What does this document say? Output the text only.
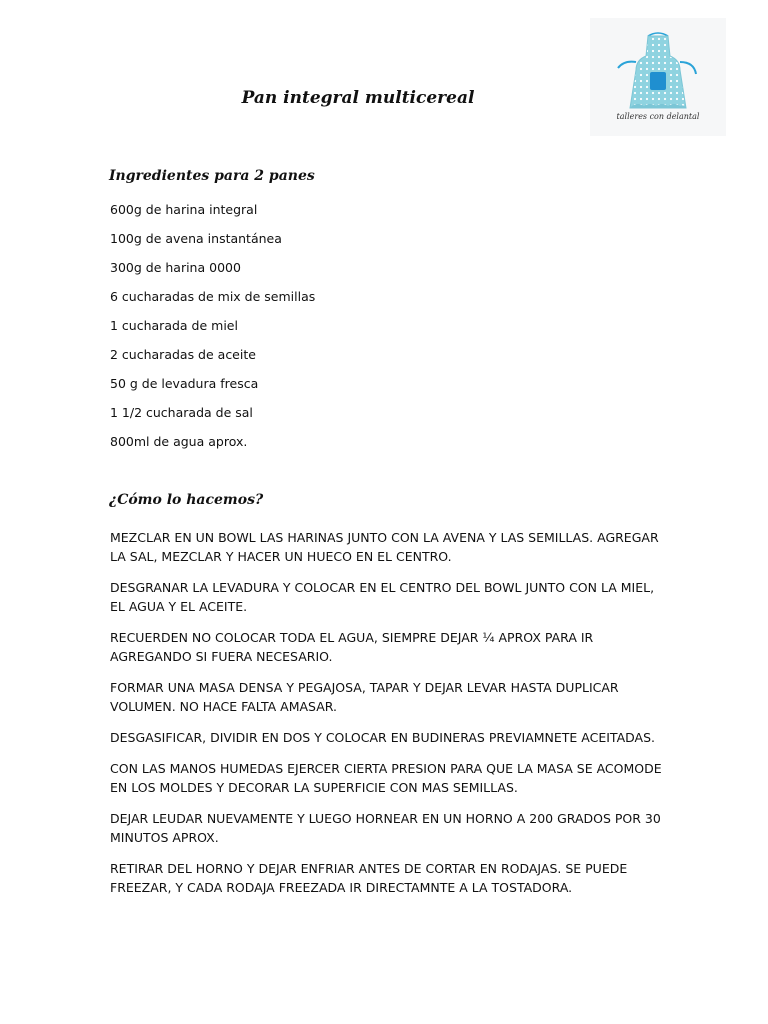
talleres con delantal
Pan integral multicereal
Ingredientes para 2 panes
600g de harina integral
100g de avena instantánea
300g de harina 0000
6 cucharadas de mix de semillas
1 cucharada de miel
2 cucharadas de aceite
50 g de levadura fresca
1 1/2 cucharada de sal
800ml de agua aprox.
¿Cómo lo hacemos?

MEZCLAR EN UN BOWL LAS HARINAS JUNTO CON LA AVENA Y LAS SEMILLAS. AGREGAR LA SAL, MEZCLAR Y HACER UN HUECO EN EL CENTRO.

DESGRANAR LA LEVADURA Y COLOCAR EN EL CENTRO DEL BOWL JUNTO CON LA MIEL, EL AGUA Y EL ACEITE.

RECUERDEN NO COLOCAR TODA EL AGUA, SIEMPRE DEJAR ¼ APROX PARA IR AGREGANDO SI FUERA NECESARIO.

FORMAR UNA MASA DENSA Y PEGAJOSA, TAPAR Y DEJAR LEVAR HASTA DUPLICAR VOLUMEN. NO HACE FALTA AMASAR.

DESGASIFICAR, DIVIDIR EN DOS Y COLOCAR EN BUDINERAS PREVIAMNETE ACEITADAS.

CON LAS MANOS HUMEDAS EJERCER CIERTA PRESION PARA QUE LA MASA SE ACOMODE EN LOS MOLDES Y DECORAR LA SUPERFICIE CON MAS SEMILLAS.

DEJAR LEUDAR NUEVAMENTE Y LUEGO HORNEAR EN UN HORNO A 200 GRADOS POR 30 MINUTOS APROX.

RETIRAR DEL HORNO Y DEJAR ENFRIAR ANTES DE CORTAR EN RODAJAS. SE PUEDE FREEZAR, Y CADA RODAJA FREEZADA IR DIRECTAMNTE A LA TOSTADORA.
